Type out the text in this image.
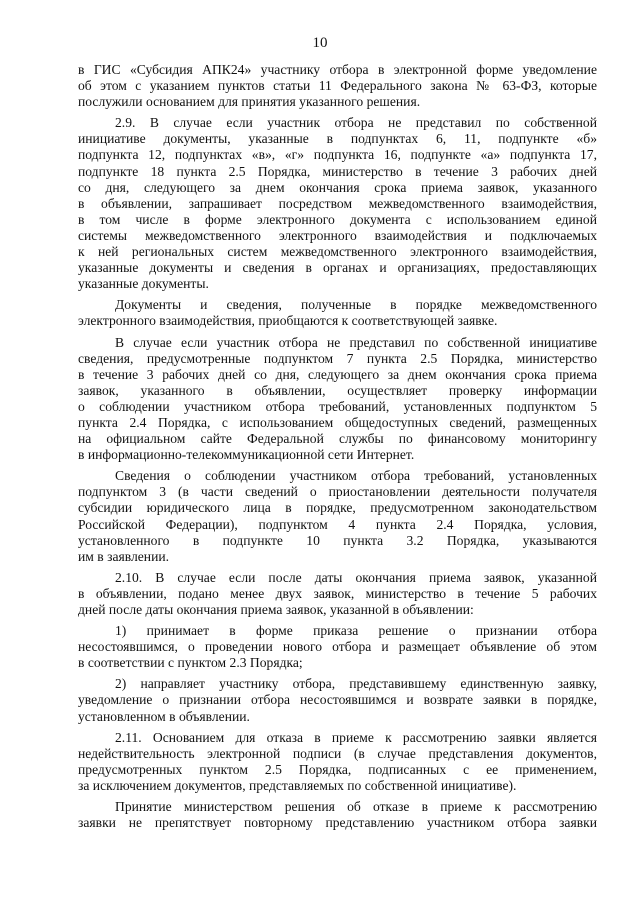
10
в ГИС «Субсидия АПК24» участнику отбора в электронной форме уведомление
об этом с указанием пунктов статьи 11 Федерального закона № 63-ФЗ, которые
послужили основанием для принятия указанного решения.
2.9. В случае если участник отбора не представил по собственной
инициативе документы, указанные в подпунктах 6, 11, подпункте «б»
подпункта 12, подпунктах «в», «г» подпункта 16, подпункте «а» подпункта 17,
подпункте 18 пункта 2.5 Порядка, министерство в течение 3 рабочих дней
со дня, следующего за днем окончания срока приема заявок, указанного
в объявлении, запрашивает посредством межведомственного взаимодействия,
в том числе в форме электронного документа с использованием единой
системы межведомственного электронного взаимодействия и подключаемых
к ней региональных систем межведомственного электронного взаимодействия,
указанные документы и сведения в органах и организациях, предоставляющих
указанные документы.
Документы и сведения, полученные в порядке межведомственного
электронного взаимодействия, приобщаются к соответствующей заявке.
В случае если участник отбора не представил по собственной инициативе
сведения, предусмотренные подпунктом 7 пункта 2.5 Порядка, министерство
в течение 3 рабочих дней со дня, следующего за днем окончания срока приема
заявок, указанного в объявлении, осуществляет проверку информации
о соблюдении участником отбора требований, установленных подпунктом 5
пункта 2.4 Порядка, с использованием общедоступных сведений, размещенных
на официальном сайте Федеральной службы по финансовому мониторингу
в информационно-телекоммуникационной сети Интернет.
Сведения о соблюдении участником отбора требований, установленных
подпунктом 3 (в части сведений о приостановлении деятельности получателя
субсидии юридического лица в порядке, предусмотренном законодательством
Российской Федерации), подпунктом 4 пункта 2.4 Порядка, условия,
установленного в подпункте 10 пункта 3.2 Порядка, указываются
им в заявлении.
2.10. В случае если после даты окончания приема заявок, указанной
в объявлении, подано менее двух заявок, министерство в течение 5 рабочих
дней после даты окончания приема заявок, указанной в объявлении:
1) принимает в форме приказа решение о признании отбора
несостоявшимся, о проведении нового отбора и размещает объявление об этом
в соответствии с пунктом 2.3 Порядка;
2) направляет участнику отбора, представившему единственную заявку,
уведомление о признании отбора несостоявшимся и возврате заявки в порядке,
установленном в объявлении.
2.11. Основанием для отказа в приеме к рассмотрению заявки является
недействительность электронной подписи (в случае представления документов,
предусмотренных пунктом 2.5 Порядка, подписанных с ее применением,
за исключением документов, представляемых по собственной инициативе).
Принятие министерством решения об отказе в приеме к рассмотрению
заявки не препятствует повторному представлению участником отбора заявки
